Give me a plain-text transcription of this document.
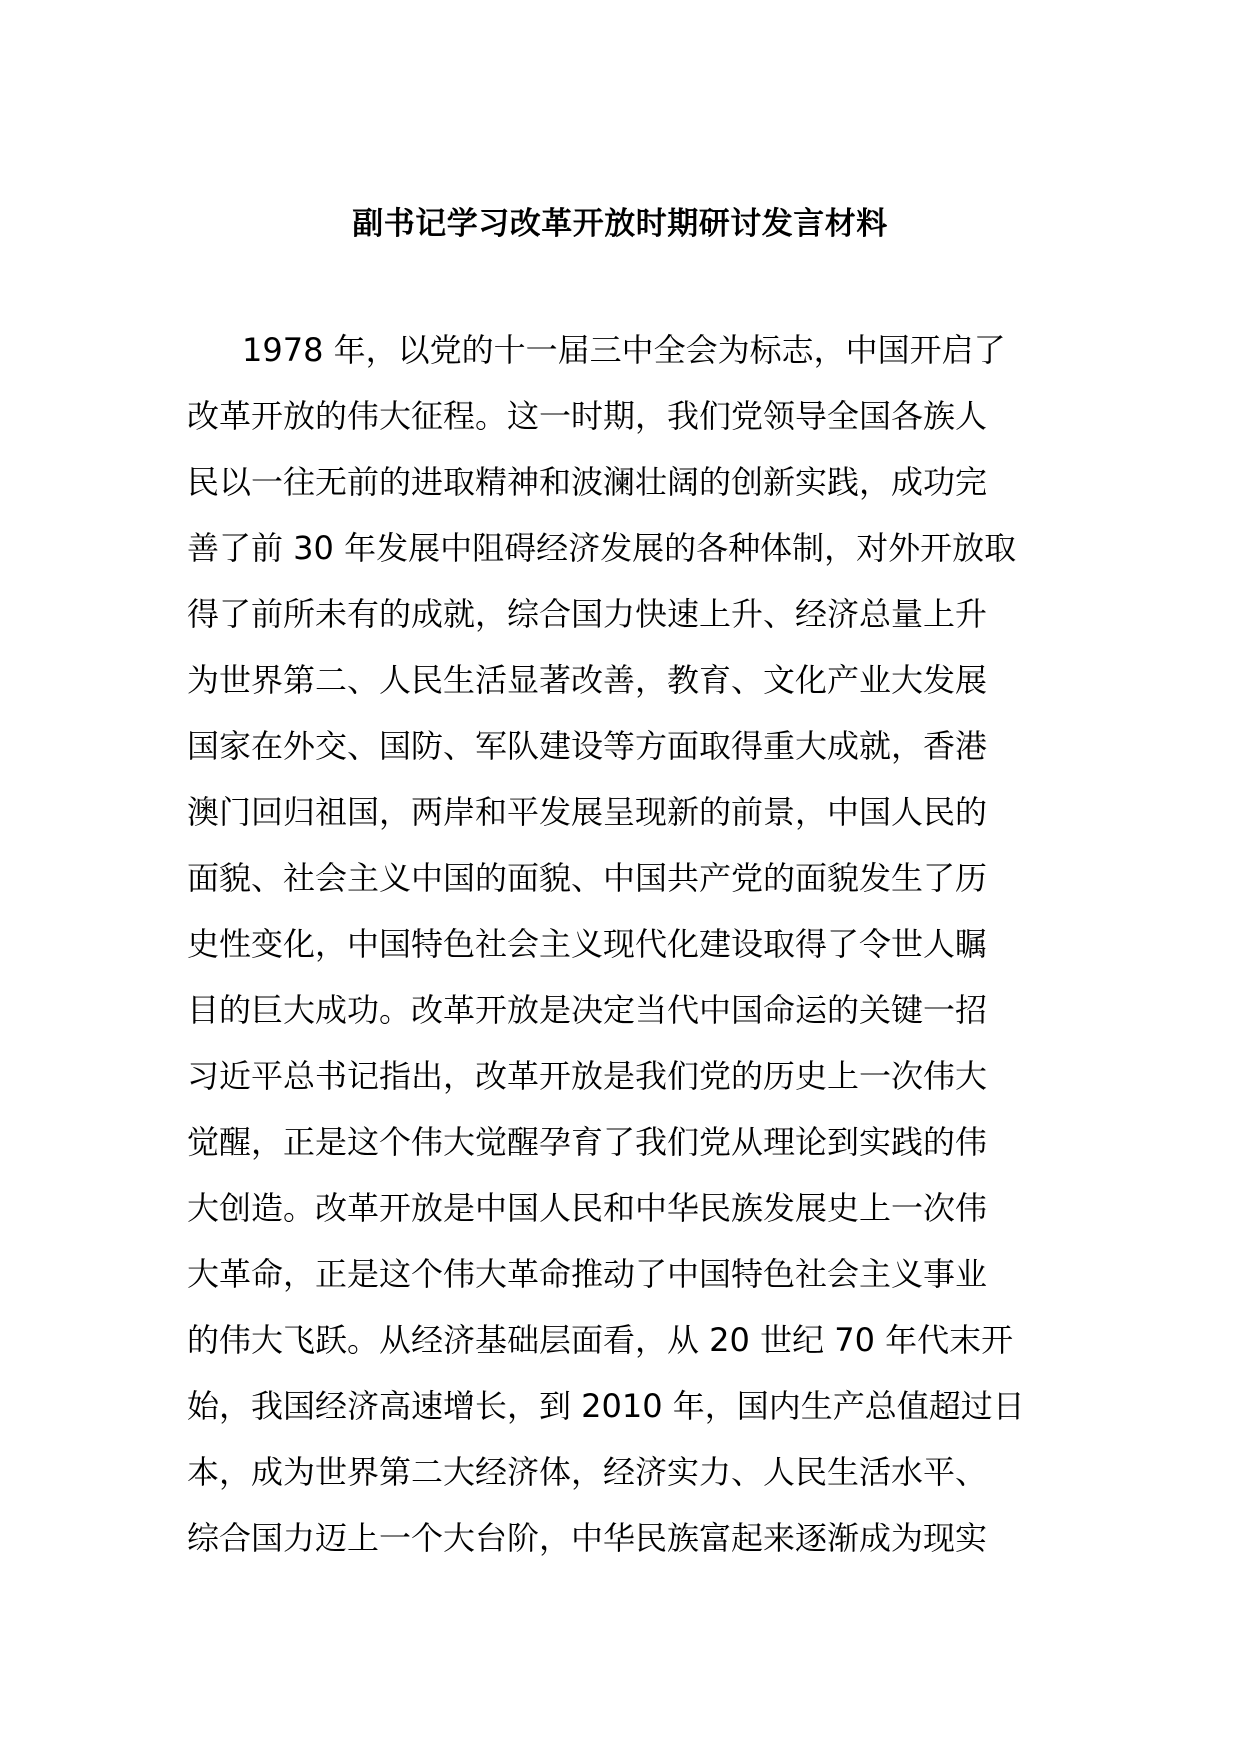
副书记学习改革开放时期研讨发言材料
1978 年，以党的十一届三中全会为标志，中国开启了
改革开放的伟大征程。这一时期，我们党领导全国各族人
民以一往无前的进取精神和波澜壮阔的创新实践，成功完
善了前 30 年发展中阻碍经济发展的各种体制，对外开放取
得了前所未有的成就，综合国力快速上升、经济总量上升
为世界第二、人民生活显著改善，教育、文化产业大发展
国家在外交、国防、军队建设等方面取得重大成就，香港
澳门回归祖国，两岸和平发展呈现新的前景，中国人民的
面貌、社会主义中国的面貌、中国共产党的面貌发生了历
史性变化，中国特色社会主义现代化建设取得了令世人瞩
目的巨大成功。改革开放是决定当代中国命运的关键一招
习近平总书记指出，改革开放是我们党的历史上一次伟大
觉醒，正是这个伟大觉醒孕育了我们党从理论到实践的伟
大创造。改革开放是中国人民和中华民族发展史上一次伟
大革命，正是这个伟大革命推动了中国特色社会主义事业
的伟大飞跃。从经济基础层面看，从 20 世纪 70 年代末开
始，我国经济高速增长，到 2010 年，国内生产总值超过日
本，成为世界第二大经济体，经济实力、人民生活水平、
综合国力迈上一个大台阶，中华民族富起来逐渐成为现实
